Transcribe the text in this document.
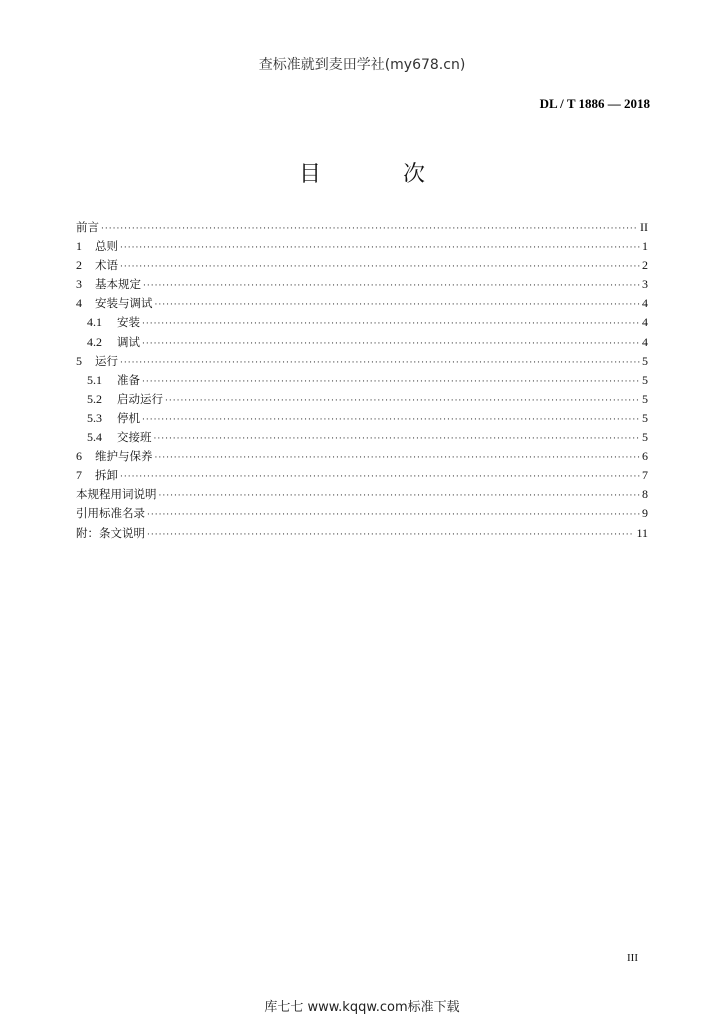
查标准就到麦田学社(my678.cn)
DL / T 1886 — 2018
目　次
前言 ·····	II
1	总则 ·····	1
2	术语 ·····	2
3	基本规定 ·····	3
4	安装与调试 ·····	4
4.1	安装 ·····	4
4.2	调试 ·····	4
5	运行 ·····	5
5.1	准备 ·····	5
5.2	启动运行 ·····	5
5.3	停机 ·····	5
5.4	交接班 ·····	5
6	维护与保养 ·····	6
7	拆卸 ·····	7
本规程用词说明 ·····	8
引用标准名录 ·····	9
附：条文说明 ·····	11
III
库七七 www.kqqw.com标准下载
